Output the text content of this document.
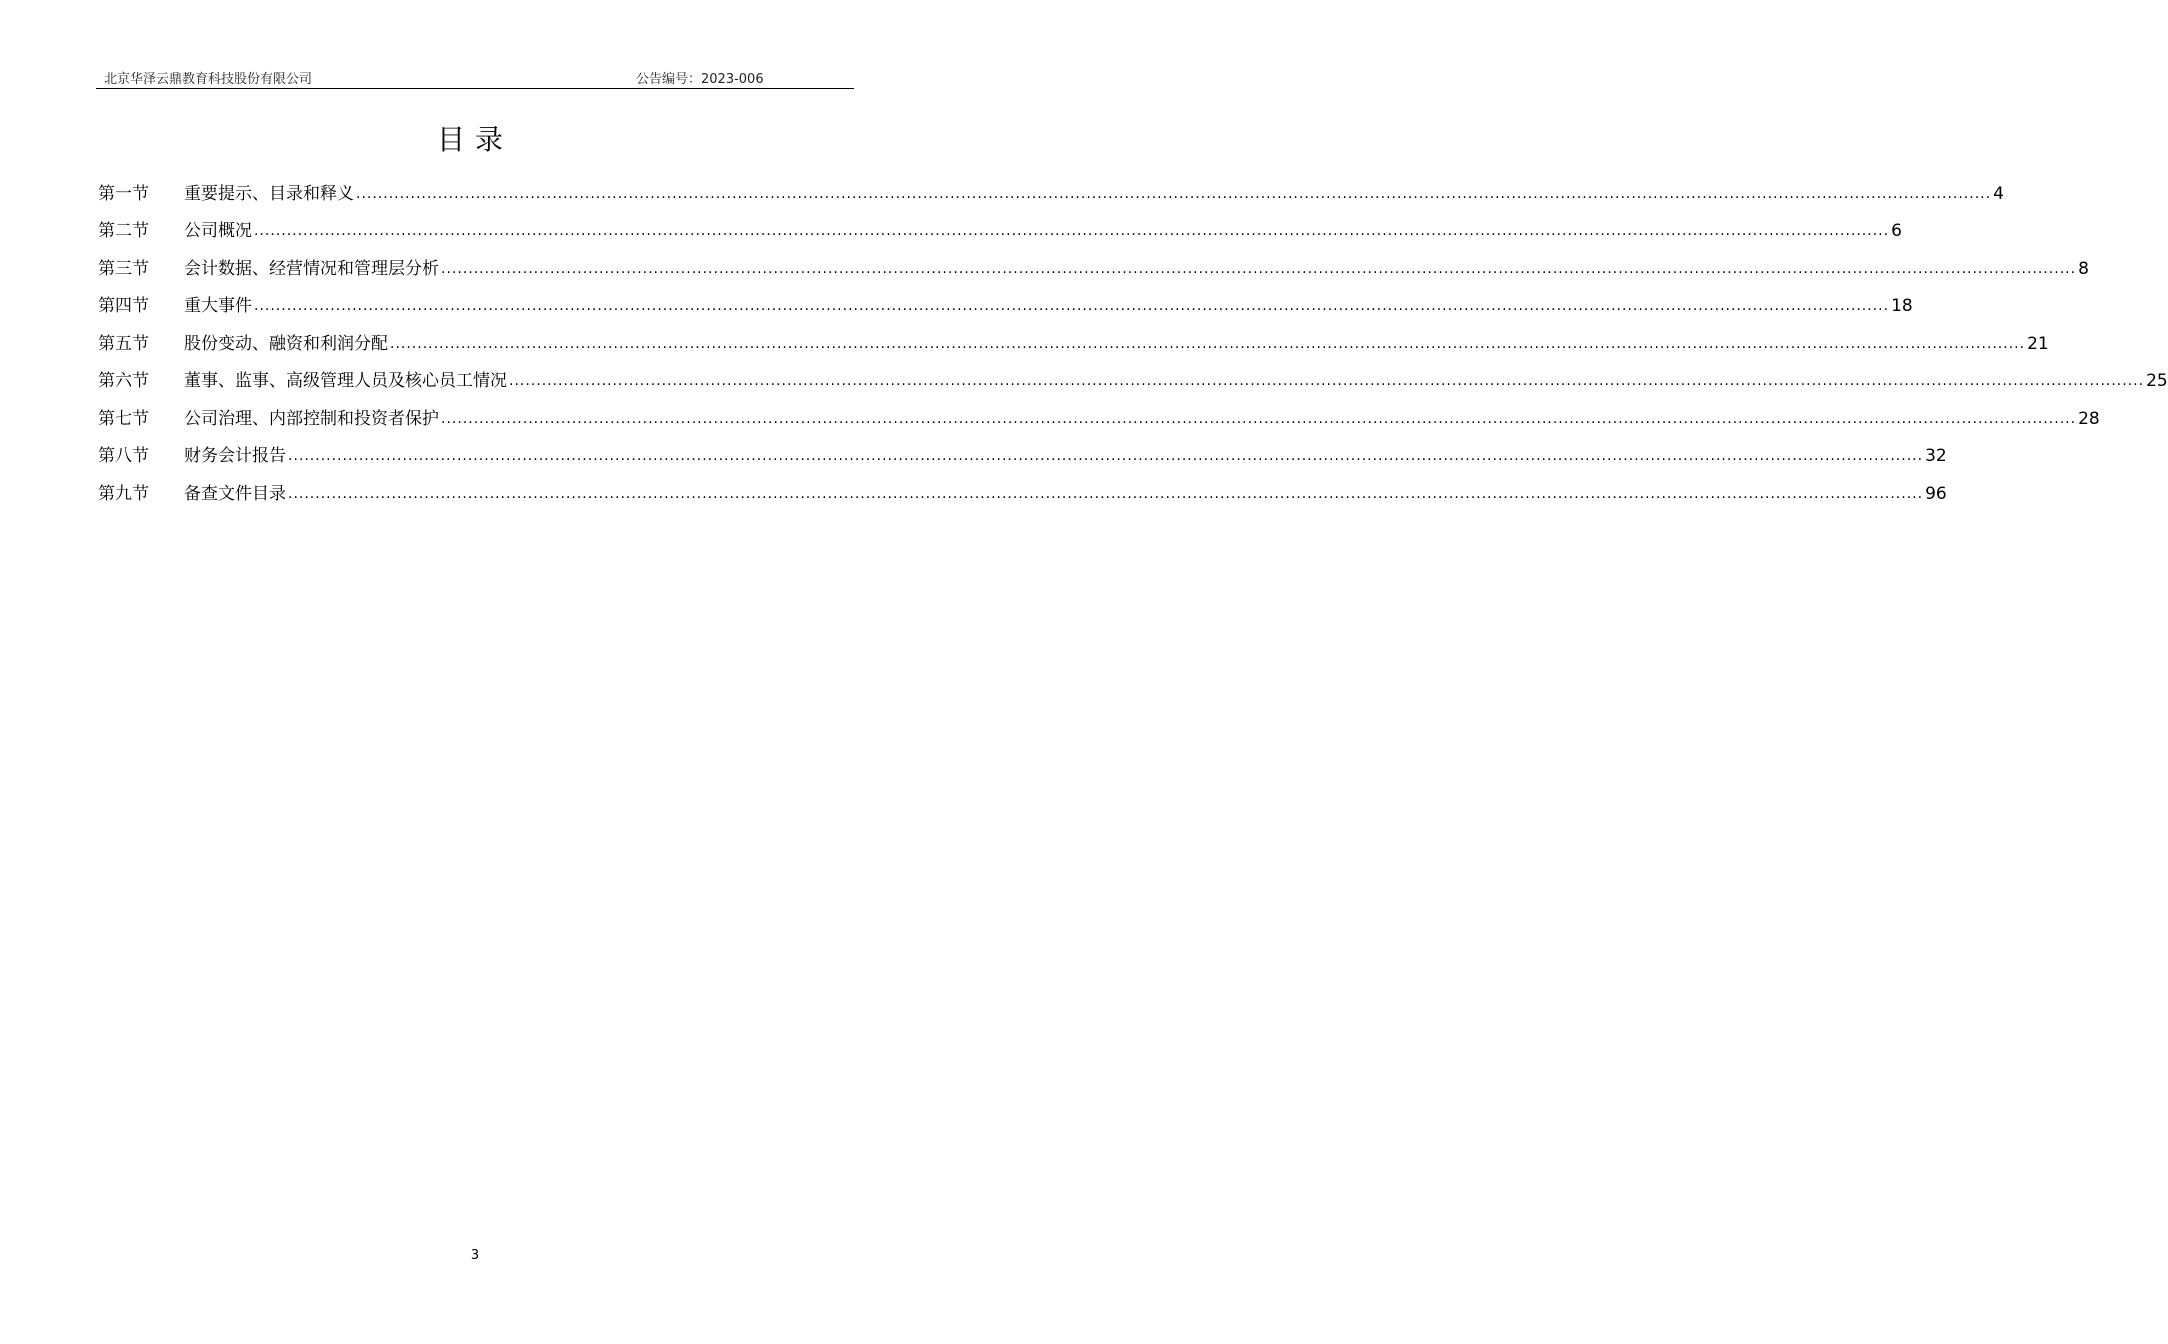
北京华泽云鼎教育科技股份有限公司	公告编号：2023-006
目录
第一节	重要提示、目录和释义 ............................................................................................................................................................................................................................................................................................................ 4
第二节	公司概况 ............................................................................................................................................................................................................................................................................................................ 6
第三节	会计数据、经营情况和管理层分析 ............................................................................................................................................................................................................................................................................................................ 8
第四节	重大事件 ............................................................................................................................................................................................................................................................................................................ 18
第五节	股份变动、融资和利润分配 ............................................................................................................................................................................................................................................................................................................ 21
第六节	董事、监事、高级管理人员及核心员工情况 ............................................................................................................................................................................................................................................................................................................ 25
第七节	公司治理、内部控制和投资者保护 ............................................................................................................................................................................................................................................................................................................ 28
第八节	财务会计报告 ............................................................................................................................................................................................................................................................................................................ 32
第九节	备查文件目录 ............................................................................................................................................................................................................................................................................................................ 96
3
